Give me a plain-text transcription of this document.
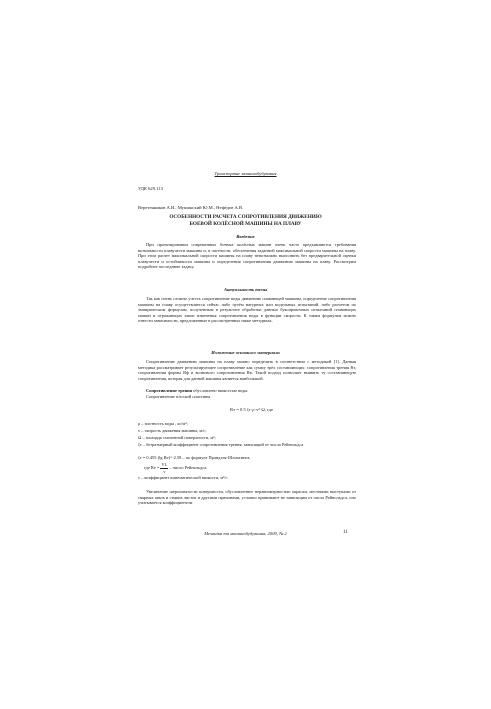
Транспортне машинобудування
УДК 629.113
Веретенников А.И., Мушинский Ю.М., Нефёдов А.В.
ОСОБЕННОСТИ РАСЧЕТА СОПРОТИВЛЕНИЯ ДВИЖЕНИЮ
БОЕВОЙ КОЛЁСНОЙ МАШИНЫ НА ПЛАВУ
Введение
При проектировании современных боевых колёсных машин очень часто предъявляются требования возможности плавучести машины и, в частности, обеспечения заданной максимальной скорости машины на плаву. При этом расчет максимальной скорости машины на плаву невозможно выполнить без предварительной оценки плавучести и остойчивости машины и определения сопротивления движению машины на плаву. Рассмотрим подробнее последнюю задачу.
Актуальность темы
Так как очень сложно учесть сопротивление воды движению плавающей машины, определение сопротивления машины на плаву осуществляется сейчас либо путём натурных или модельных испытаний, либо расчетом по эмпирическим формулам, полученным в результате обработки данных буксировочных испытаний плавающих машин и отражающих закон изменения сопротивления воды в функции скорости. К таким формулам можно отнести зависимости, предложенные в рассмотренных ниже методиках.
Изложение основного материала
Сопротивление движению машины на плаву можно определить в соответствии с методикой [1]. Данная методика рассматривает результирующее сопротивление как сумму трёх составляющих: сопротивления трения Rт, сопротивления формы Rф и волнового сопротивления Rв. Такой подход позволяет выявить ту составляющую сопротивления, которая для данной машины является наибольшей.
Сопротивление трения обусловлено вязкостью воды.
Сопротивление плоской пластины
Rт = 0.5 ζт·ρ·v²·Ω, где
ρ – плотность воды , кг/м³;
v – скорость движения машины, м/с;
Ω – площадь смоченной поверхности, м²;
ζт – безразмерный коэффициент сопротивления трения, зависящий от числа Рейнольдса
ζт = 0.455·(lg Re)^-2.58 – по формуле Прандтля-Шлихтинга,
где $Re = \frac{VL}{\nu}$ – число Рейнольдса,
ν – коэффициент кинематической вязкости, м²/с.
Увеличение шероховатости поверхности, обусловленное неравномерностью окраски, местными выступами от сварных швов и стыков листов и другими причинами, условно принимают не зависящим от числа Рейнольдса, оно учитывается коэффициентом
Механіка та машинобудування, 2009, № 2	11
